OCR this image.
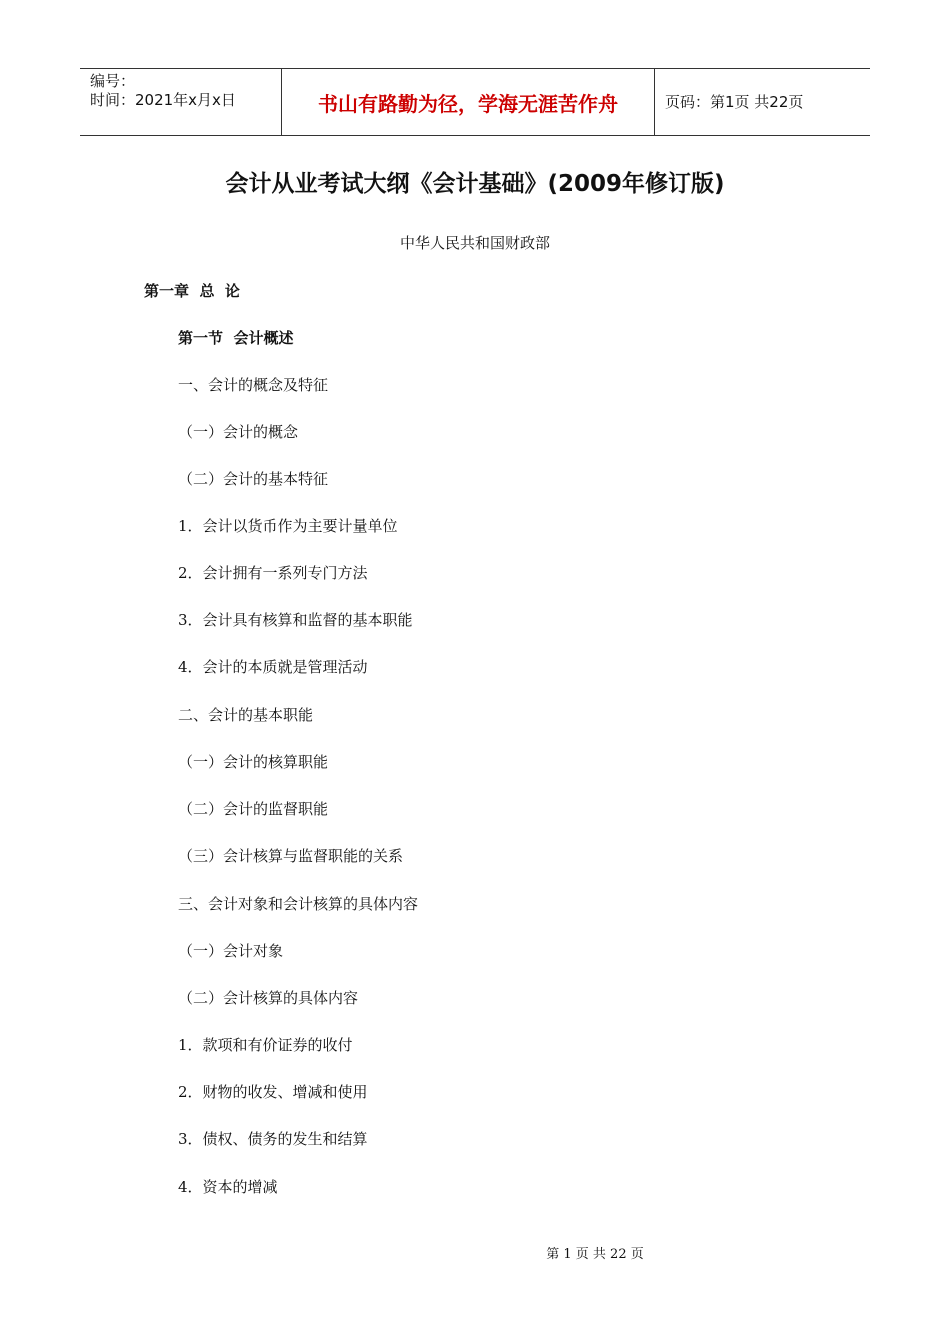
编号：
时间：2021年x月x日	书山有路勤为径，学海无涯苦作舟	页码：第1页 共22页
会计从业考试大纲《会计基础》(2009年修订版)
中华人民共和国财政部
第一章  总  论
第一节  会计概述
一、会计的概念及特征
（一）会计的概念
（二）会计的基本特征
1．会计以货币作为主要计量单位
2．会计拥有一系列专门方法
3．会计具有核算和监督的基本职能
4．会计的本质就是管理活动
二、会计的基本职能
（一）会计的核算职能
（二）会计的监督职能
（三）会计核算与监督职能的关系
三、会计对象和会计核算的具体内容
（一）会计对象
（二）会计核算的具体内容
1．款项和有价证券的收付
2．财物的收发、增减和使用
3．债权、债务的发生和结算
4．资本的增减
第 1 页 共 22 页
